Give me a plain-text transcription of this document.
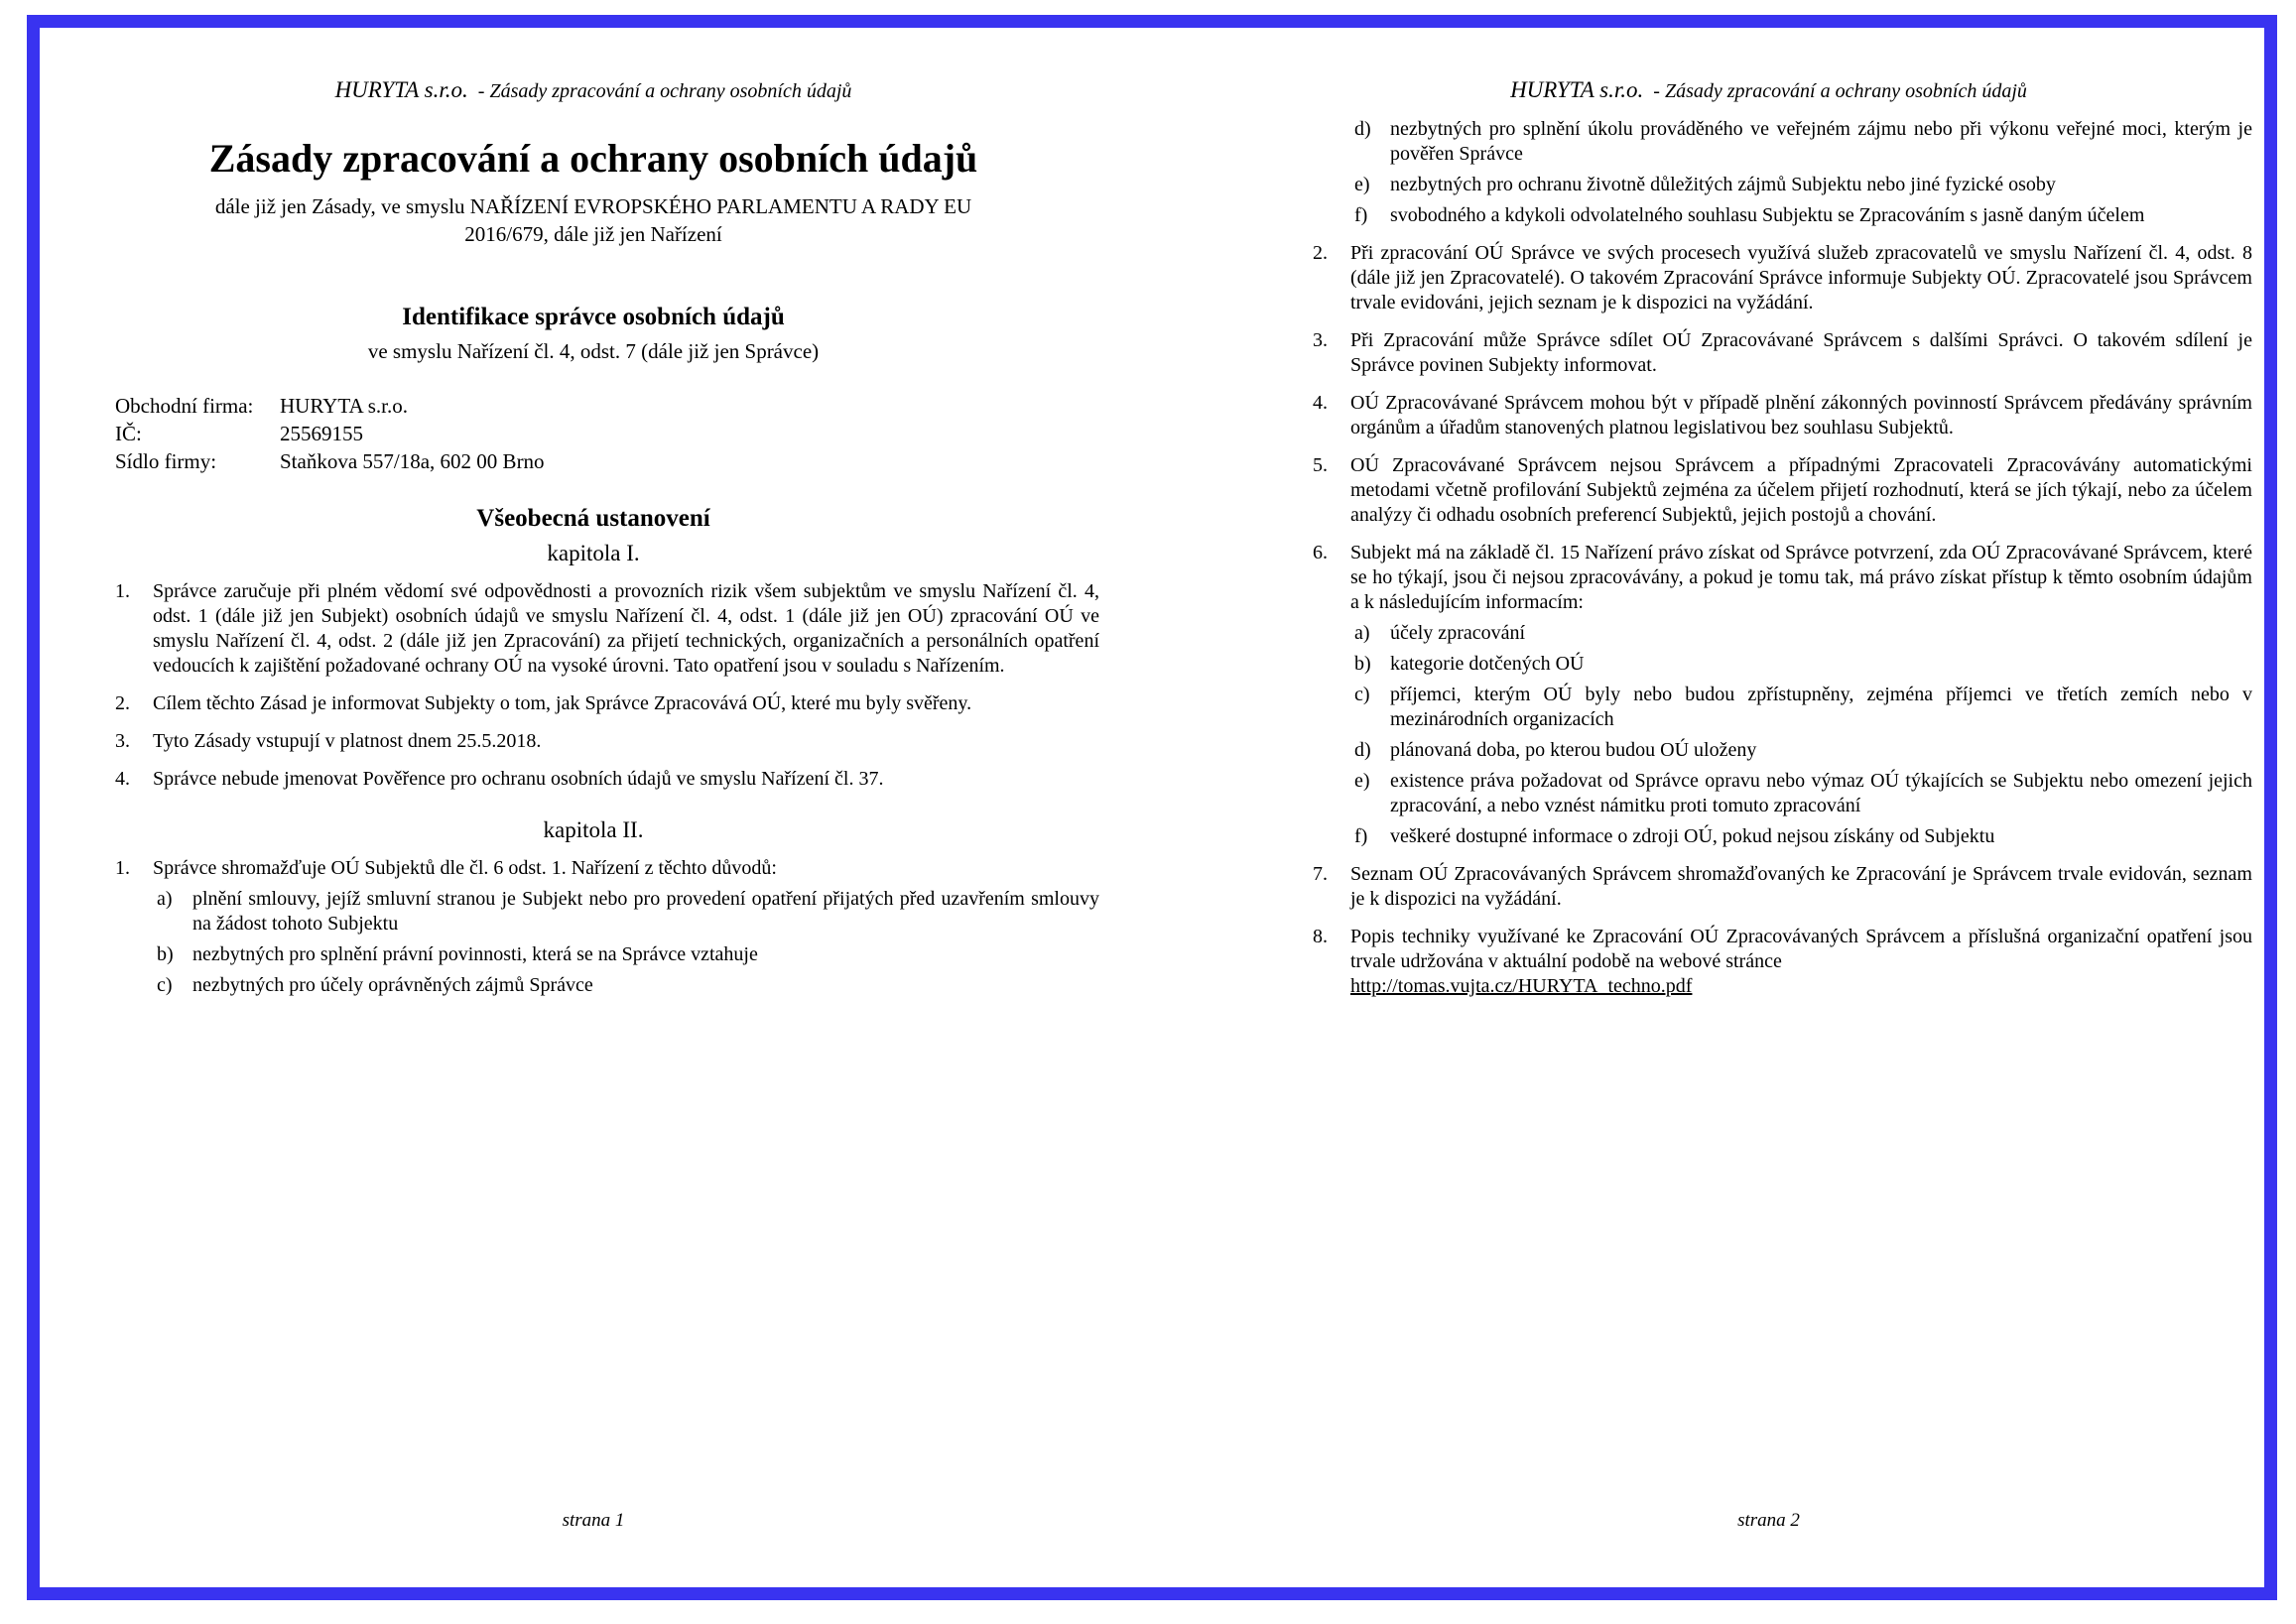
HURYTA s.r.o. - Zásady zpracování a ochrany osobních údajů
Zásady zpracování a ochrany osobních údajů
dále již jen Zásady, ve smyslu NAŘÍZENÍ EVROPSKÉHO PARLAMENTU A RADY EU
2016/679, dále již jen Nařízení
Identifikace správce osobních údajů
ve smyslu Nařízení čl. 4, odst. 7 (dále již jen Správce)
Obchodní firma:	HURYTA s.r.o.
IČ:	25569155
Sídlo firmy:	Staňkova 557/18a, 602 00 Brno
Všeobecná ustanovení
kapitola I.
1.	Správce zaručuje při plném vědomí své odpovědnosti a provozních rizik všem subjektům ve smyslu Nařízení čl. 4, odst. 1 (dále již jen Subjekt) osobních údajů ve smyslu Nařízení čl. 4, odst. 1 (dále již jen OÚ) zpracování OÚ ve smyslu Nařízení čl. 4, odst. 2 (dále již jen Zpracování) za přijetí technických, organizačních a personálních opatření vedoucích k zajištění požadované ochrany OÚ na vysoké úrovni. Tato opatření jsou v souladu s Nařízením.
2.	Cílem těchto Zásad je informovat Subjekty o tom, jak Správce Zpracovává OÚ, které mu byly svěřeny.
3.	Tyto Zásady vstupují v platnost dnem 25.5.2018.
4.	Správce nebude jmenovat Pověřence pro ochranu osobních údajů ve smyslu Nařízení čl. 37.
kapitola II.
1.	Správce shromažďuje OÚ Subjektů dle čl. 6 odst. 1. Nařízení z těchto důvodů:
a)	plnění smlouvy, jejíž smluvní stranou je Subjekt nebo pro provedení opatření přijatých před uzavřením smlouvy na žádost tohoto Subjektu
b) nezbytných pro splnění právní povinnosti, která se na Správce vztahuje
c)	nezbytných pro účely oprávněných zájmů Správce
strana 1
HURYTA s.r.o. - Zásady zpracování a ochrany osobních údajů
d) nezbytných pro splnění úkolu prováděného ve veřejném zájmu nebo při výkonu veřejné moci, kterým je pověřen Správce
e)	nezbytných pro ochranu životně důležitých zájmů Subjektu nebo jiné fyzické osoby
f)	svobodného a kdykoli odvolatelného souhlasu Subjektu se Zpracováním s jasně daným účelem
2.	Při zpracování OÚ Správce ve svých procesech využívá služeb zpracovatelů ve smyslu Nařízení čl. 4, odst. 8 (dále již jen Zpracovatelé). O takovém Zpracování Správce informuje Subjekty OÚ. Zpracovatelé jsou Správcem trvale evidováni, jejich seznam je k dispozici na vyžádání.
3.	Při Zpracování může Správce sdílet OÚ Zpracovávané Správcem s dalšími Správci. O takovém sdílení je Správce povinen Subjekty informovat.
4.	OÚ Zpracovávané Správcem mohou být v případě plnění zákonných povinností Správcem předávány správním orgánům a úřadům stanovených platnou legislativou bez souhlasu Subjektů.
5.	OÚ Zpracovávané Správcem nejsou Správcem a případnými Zpracovateli Zpracovávány automatickými metodami včetně profilování Subjektů zejména za účelem přijetí rozhodnutí, která se jích týkají, nebo za účelem analýzy či odhadu osobních preferencí Subjektů, jejich postojů a chování.
6.	Subjekt má na základě čl. 15 Nařízení právo získat od Správce potvrzení, zda OÚ Zpracovávané Správcem, které se ho týkají, jsou či nejsou zpracovávány, a pokud je tomu tak, má právo získat přístup k těmto osobním údajům a k následujícím informacím:
a)	účely zpracování
b) kategorie dotčených OÚ
c)	příjemci, kterým OÚ byly nebo budou zpřístupněny, zejména příjemci ve třetích zemích nebo v mezinárodních organizacích
d) plánovaná doba, po kterou budou OÚ uloženy
e)	existence práva požadovat od Správce opravu nebo výmaz OÚ týkajících se Subjektu nebo omezení jejich zpracování, a nebo vznést námitku proti tomuto zpracování
f)	veškeré dostupné informace o zdroji OÚ, pokud nejsou získány od Subjektu
7.	Seznam OÚ Zpracovávaných Správcem shromažďovaných ke Zpracování je Správcem trvale evidován, seznam je k dispozici na vyžádání.
8.	Popis techniky využívané ke Zpracování OÚ Zpracovávaných Správcem a příslušná organizační opatření jsou trvale udržována v aktuální podobě na webové stránce
http://tomas.vujta.cz/HURYTA_techno.pdf
strana 2
